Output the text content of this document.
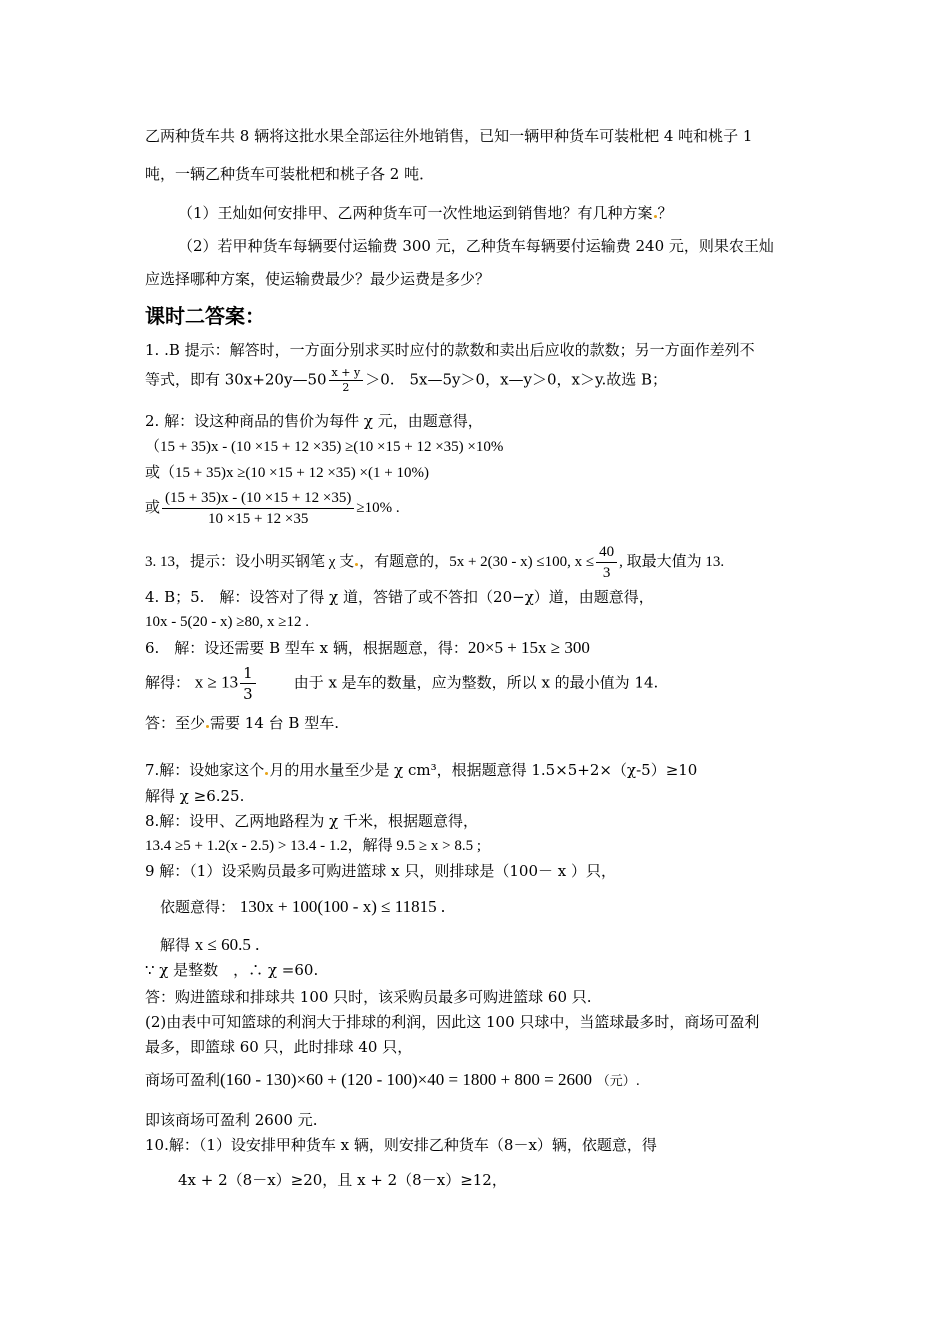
乙两种货车共 8 辆将这批水果全部运往外地销售，已知一辆甲种货车可装枇杷 4 吨和桃子 1
吨，一辆乙种货车可装枇杷和桃子各 2 吨．
（1）王灿如何安排甲、乙两种货车可一次性地运到销售地？有几种方案 ？
（2）若甲种货车每辆要付运输费 300 元，乙种货车每辆要付运输费 240 元，则果农王灿
应选择哪种方案，使运输费最少？最少运费是多少？
课时二答案：
1. .B 提示：解答时，一方面分别求买时应付的款数和卖出后应收的款数；另一方面作差列不
等式，即有 30x+20y—50 $\frac{x + y}{2} >0$.　5x—5y＞0，x—y＞0，x＞y.故选 B；
2. 解：设这种商品的售价为每件 χ 元，由题意得，
（15 + 35)x - (10 ×15 + 12 ×35) ≥(10 ×15 + 12 ×35) ×10%
或（15 + 35)x ≥(10 ×15 + 12 ×35) ×(1 + 10%)
或 $\frac{(15 + 35)x - (10 \times 15 + 12 \times 35)}{10 \times 15 + 12 \times 35} \ge 10\%$ .
3. 13，提示：设小明买钢笔 χ 支 ，有题意的，5x + 2(30 - x) ≤100, $x \le \frac{40}{3}$ , 取最大值为 13.
4. B；5.　解：设答对了得 χ 道，答错了或不答扣（20−χ）道，由题意得，
10x - 5(20 - x) ≥80, x ≥12 .
6.　解：设还需要 B 型车 x 辆，根据题意，得：20×5 + 15x ≥ 300
解得： $x \ge 13 \frac{1}{3}$	由于 x 是车的数量，应为整数，所以 x 的最小值为 14.
答：至少 需要 14 台 B 型车.
7.解：设她家这个 月的用水量至少是 χ cm³，根据题意得 1.5×5+2×（χ-5）≥10
解得 χ ≥6.25.
8.解：设甲、乙两地路程为 χ 千米，根据题意得，
13.4 ≥5 + 1.2(x - 2.5) > 13.4 - 1.2，解得 9.5 ≥ x > 8.5 ;
9 解：（1）设采购员最多可购进篮球 x 只，则排球是（100－ x ）只，
依题意得： 130x + 100(100 - x) ≤ 11815 .
解得 x ≤ 60.5 .
∵ χ 是整数　，∴ χ =60.
答：购进篮球和排球共 100 只时，该采购员最多可购进篮球 60 只.
(2)由表中可知篮球的利润大于排球的利润，因此这 100 只球中，当篮球最多时，商场可盈利
最多，即篮球 60 只，此时排球 40 只，
商场可盈利(160 - 130)×60 + (120 - 100)×40 = 1800 + 800 = 2600 （元）.
即该商场可盈利 2600 元.
10.解：（1）设安排甲种货车 x 辆，则安排乙种货车（8－x）辆，依题意，得
4x + 2（8－x）≥20，且 x + 2（8－x）≥12，
